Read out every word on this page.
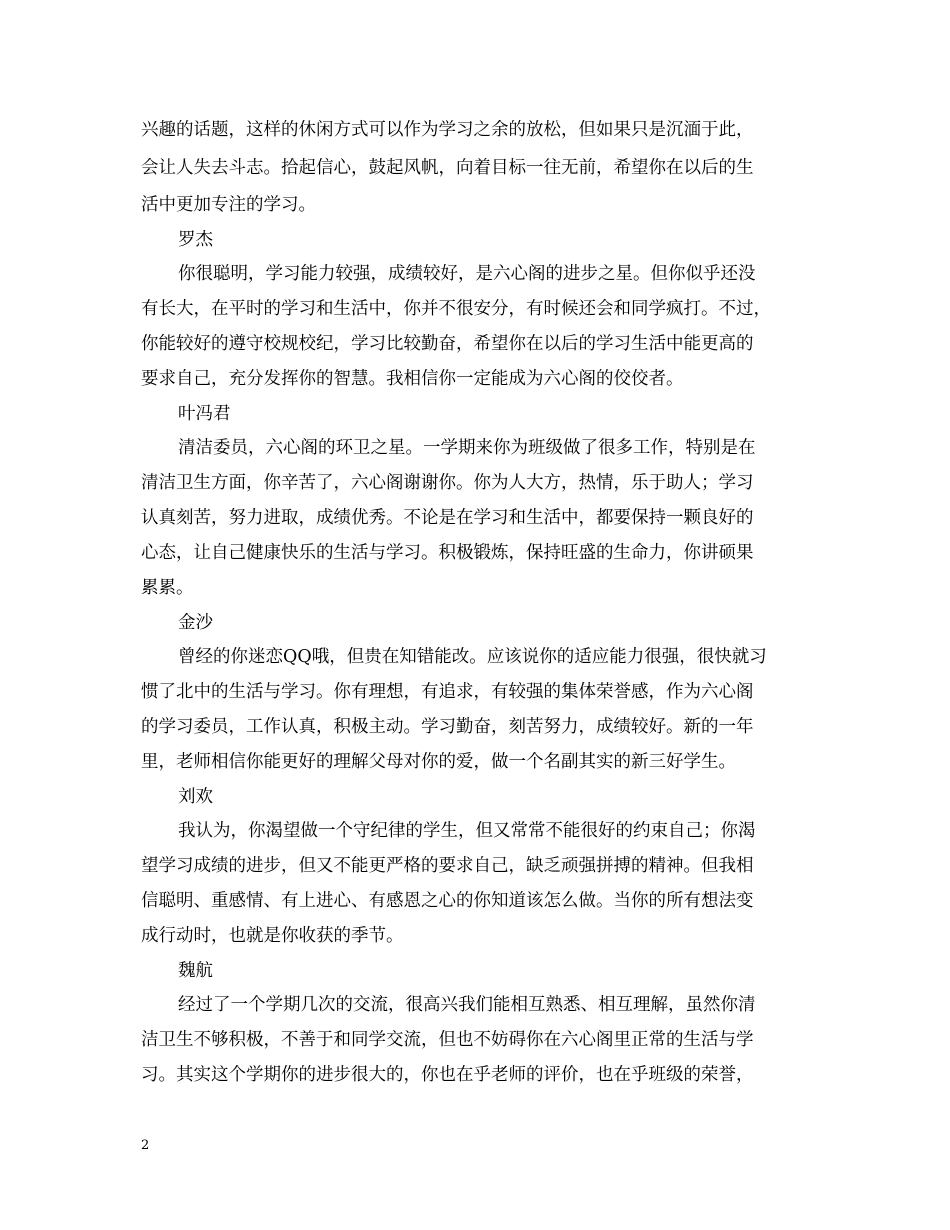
兴趣的话题，这样的休闲方式可以作为学习之余的放松，但如果只是沉湎于此，
会让人失去斗志。拾起信心，鼓起风帆，向着目标一往无前，希望你在以后的生
活中更加专注的学习。
罗杰
你很聪明，学习能力较强，成绩较好，是六心阁的进步之星。但你似乎还没
有长大，在平时的学习和生活中，你并不很安分，有时候还会和同学疯打。不过，
你能较好的遵守校规校纪，学习比较勤奋，希望你在以后的学习生活中能更高的
要求自己，充分发挥你的智慧。我相信你一定能成为六心阁的佼佼者。
叶冯君
清洁委员，六心阁的环卫之星。一学期来你为班级做了很多工作，特别是在
清洁卫生方面，你辛苦了，六心阁谢谢你。你为人大方，热情，乐于助人；学习
认真刻苦，努力进取，成绩优秀。不论是在学习和生活中，都要保持一颗良好的
心态，让自己健康快乐的生活与学习。积极锻炼，保持旺盛的生命力，你讲硕果
累累。
金沙
曾经的你迷恋QQ哦，但贵在知错能改。应该说你的适应能力很强，很快就习
惯了北中的生活与学习。你有理想，有追求，有较强的集体荣誉感，作为六心阁
的学习委员，工作认真，积极主动。学习勤奋，刻苦努力，成绩较好。新的一年
里，老师相信你能更好的理解父母对你的爱，做一个名副其实的新三好学生。
刘欢
我认为，你渴望做一个守纪律的学生，但又常常不能很好的约束自己；你渴
望学习成绩的进步，但又不能更严格的要求自己，缺乏顽强拼搏的精神。但我相
信聪明、重感情、有上进心、有感恩之心的你知道该怎么做。当你的所有想法变
成行动时，也就是你收获的季节。
魏航
经过了一个学期几次的交流，很高兴我们能相互熟悉、相互理解，虽然你清
洁卫生不够积极，不善于和同学交流，但也不妨碍你在六心阁里正常的生活与学
习。其实这个学期你的进步很大的，你也在乎老师的评价，也在乎班级的荣誉，
2
